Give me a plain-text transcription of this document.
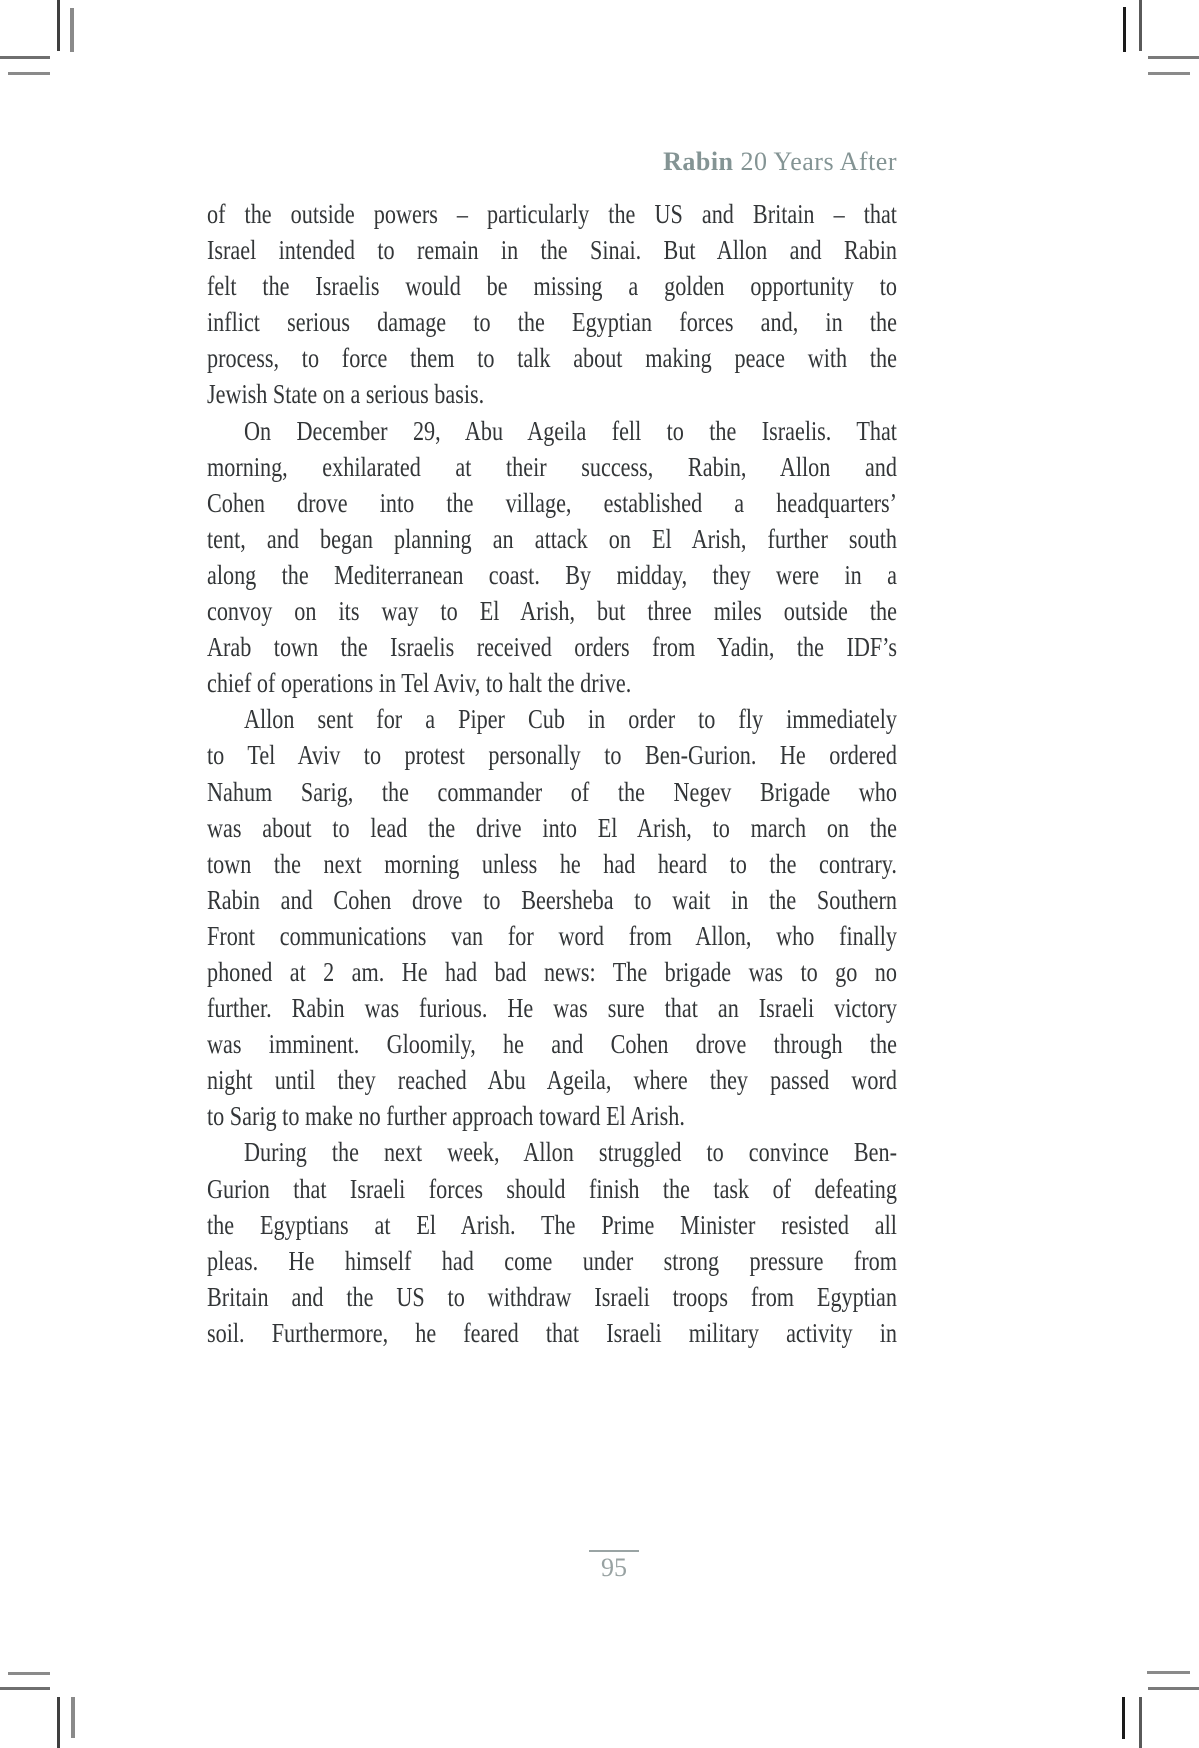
Rabin 20 Years After
of the outside powers – particularly the US and Britain – that
Israel intended to remain in the Sinai. But Allon and Rabin
felt the Israelis would be missing a golden opportunity to
inflict serious damage to the Egyptian forces and, in the
process, to force them to talk about making peace with the
Jewish State on a serious basis.
On December 29, Abu Ageila fell to the Israelis. That
morning, exhilarated at their success, Rabin, Allon and
Cohen drove into the village, established a headquarters’
tent, and began planning an attack on El Arish, further south
along the Mediterranean coast. By midday, they were in a
convoy on its way to El Arish, but three miles outside the
Arab town the Israelis received orders from Yadin, the IDF’s
chief of operations in Tel Aviv, to halt the drive.
Allon sent for a Piper Cub in order to fly immediately
to Tel Aviv to protest personally to Ben-Gurion. He ordered
Nahum Sarig, the commander of the Negev Brigade who
was about to lead the drive into El Arish, to march on the
town the next morning unless he had heard to the contrary.
Rabin and Cohen drove to Beersheba to wait in the Southern
Front communications van for word from Allon, who finally
phoned at 2 am. He had bad news: The brigade was to go no
further. Rabin was furious. He was sure that an Israeli victory
was imminent. Gloomily, he and Cohen drove through the
night until they reached Abu Ageila, where they passed word
to Sarig to make no further approach toward El Arish.
During the next week, Allon struggled to convince Ben-
Gurion that Israeli forces should finish the task of defeating
the Egyptians at El Arish. The Prime Minister resisted all
pleas. He himself had come under strong pressure from
Britain and the US to withdraw Israeli troops from Egyptian
soil. Furthermore, he feared that Israeli military activity in
95
